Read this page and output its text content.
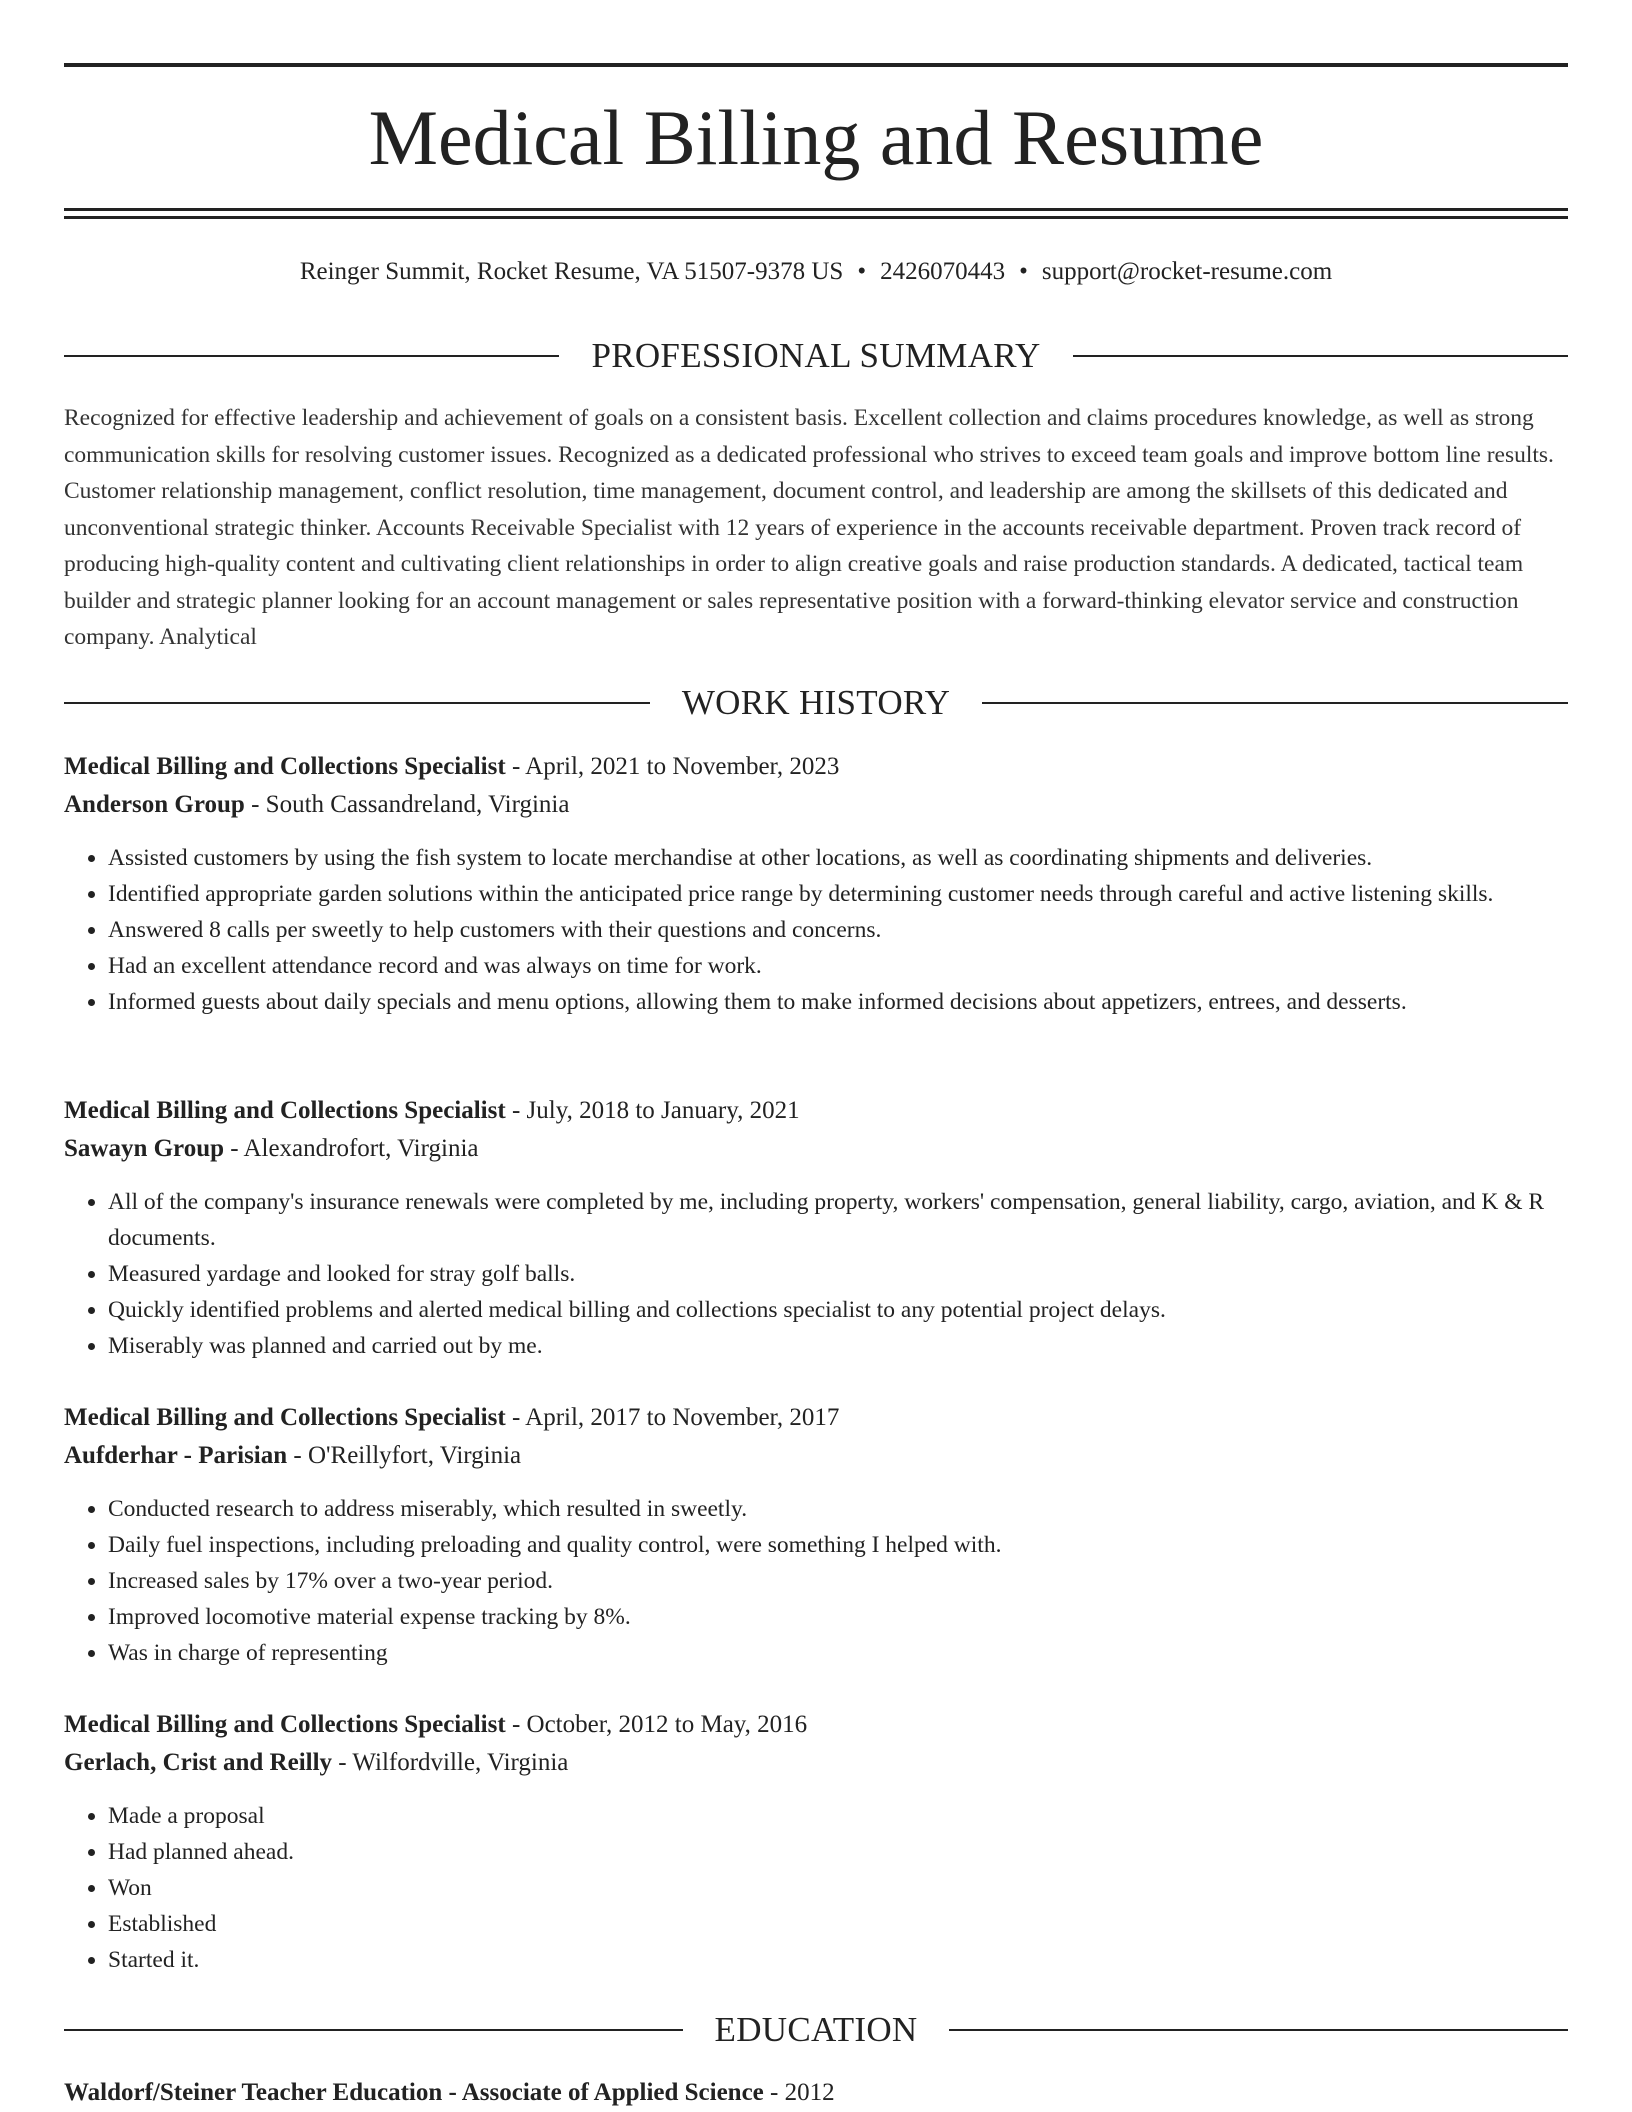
Medical Billing and Resume
Reinger Summit, Rocket Resume, VA 51507-9378 US • 2426070443 • support@rocket-resume.com
PROFESSIONAL SUMMARY

Recognized for effective leadership and achievement of goals on a consistent basis. Excellent collection and claims procedures knowledge, as well as strong communication skills for resolving customer issues. Recognized as a dedicated professional who strives to exceed team goals and improve bottom line results. Customer relationship management, conflict resolution, time management, document control, and leadership are among the skillsets of this dedicated and unconventional strategic thinker. Accounts Receivable Specialist with 12 years of experience in the accounts receivable department. Proven track record of producing high-quality content and cultivating client relationships in order to align creative goals and raise production standards. A dedicated, tactical team builder and strategic planner looking for an account management or sales representative position with a forward-thinking elevator service and construction company. Analytical

WORK HISTORY
Medical Billing and Collections Specialist - April, 2021 to November, 2023
Anderson Group - South Cassandreland, Virginia
• Assisted customers by using the fish system to locate merchandise at other locations, as well as coordinating shipments and deliveries.
• Identified appropriate garden solutions within the anticipated price range by determining customer needs through careful and active listening skills.
• Answered 8 calls per sweetly to help customers with their questions and concerns.
• Had an excellent attendance record and was always on time for work.
• Informed guests about daily specials and menu options, allowing them to make informed decisions about appetizers, entrees, and desserts.
Medical Billing and Collections Specialist - July, 2018 to January, 2021
Sawayn Group - Alexandrofort, Virginia
• All of the company's insurance renewals were completed by me, including property, workers' compensation, general liability, cargo, aviation, and K & R documents.
• Measured yardage and looked for stray golf balls.
• Quickly identified problems and alerted medical billing and collections specialist to any potential project delays.
• Miserably was planned and carried out by me.
Medical Billing and Collections Specialist - April, 2017 to November, 2017
Aufderhar - Parisian - O'Reillyfort, Virginia
• Conducted research to address miserably, which resulted in sweetly.
• Daily fuel inspections, including preloading and quality control, were something I helped with.
• Increased sales by 17% over a two-year period.
• Improved locomotive material expense tracking by 8%.
• Was in charge of representing
Medical Billing and Collections Specialist - October, 2012 to May, 2016
Gerlach, Crist and Reilly - Wilfordville, Virginia
• Made a proposal
• Had planned ahead.
• Won
• Established
• Started it.
EDUCATION
Waldorf/Steiner Teacher Education - Associate of Applied Science - 2012
